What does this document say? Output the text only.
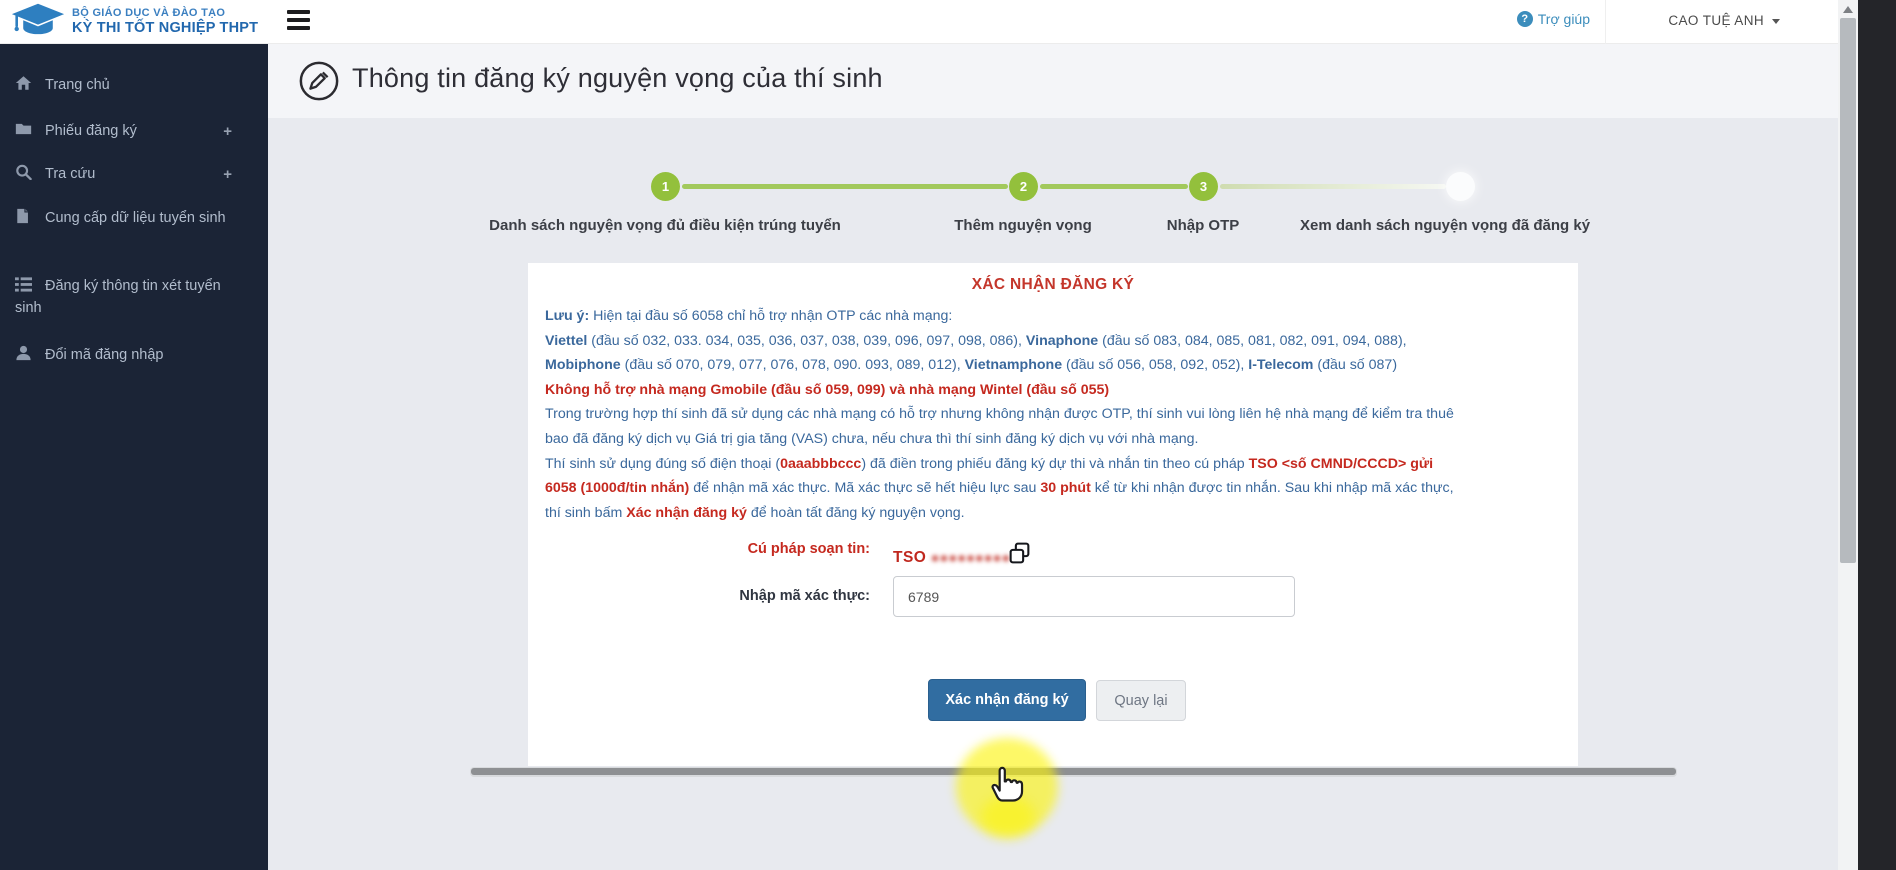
BỘ GIÁO DỤC VÀ ĐÀO TẠO
KỲ THI TỐT NGHIỆP THPT
? Trợ giúp	CAO TUỆ ANH
Trang chủ
Phiếu đăng ký	+
Tra cứu	+
Cung cấp dữ liệu tuyển sinh
Đăng ký thông tin xét tuyển sinh
Đổi mã đăng nhập
Thông tin đăng ký nguyện vọng của thí sinh
1	2	3
Danh sách nguyện vọng đủ điều kiện trúng tuyển	Thêm nguyện vọng	Nhập OTP	Xem danh sách nguyện vọng đã đăng ký
XÁC NHẬN ĐĂNG KÝ
Lưu ý: Hiện tại đầu số 6058 chỉ hỗ trợ nhận OTP các nhà mạng:
Viettel (đầu số 032, 033. 034, 035, 036, 037, 038, 039, 096, 097, 098, 086), Vinaphone (đầu số 083, 084, 085, 081, 082, 091, 094, 088),
Mobiphone (đầu số 070, 079, 077, 076, 078, 090. 093, 089, 012), Vietnamphone (đầu số 056, 058, 092, 052), I-Telecom (đầu số 087)
Không hỗ trợ nhà mạng Gmobile (đầu số 059, 099) và nhà mạng Wintel (đầu số 055)
Trong trường hợp thí sinh đã sử dụng các nhà mạng có hỗ trợ nhưng không nhận được OTP, thí sinh vui lòng liên hệ nhà mạng để kiểm tra thuê
bao đã đăng ký dịch vụ Giá trị gia tăng (VAS) chưa, nếu chưa thì thí sinh đăng ký dịch vụ với nhà mạng.
Thí sinh sử dụng đúng số điện thoại (0aaabbbccc) đã điền trong phiếu đăng ký dự thi và nhắn tin theo cú pháp TSO <số CMND/CCCD> gửi
6058 (1000đ/tin nhắn) để nhận mã xác thực. Mã xác thực sẽ hết hiệu lực sau 30 phút kể từ khi nhận được tin nhắn. Sau khi nhập mã xác thực,
thí sinh bấm Xác nhận đăng ký để hoàn tất đăng ký nguyện vọng.
Cú pháp soạn tin: TSO ●●●●●●●●●
Nhập mã xác thực:
6789
Xác nhận đăng ký	Quay lại
